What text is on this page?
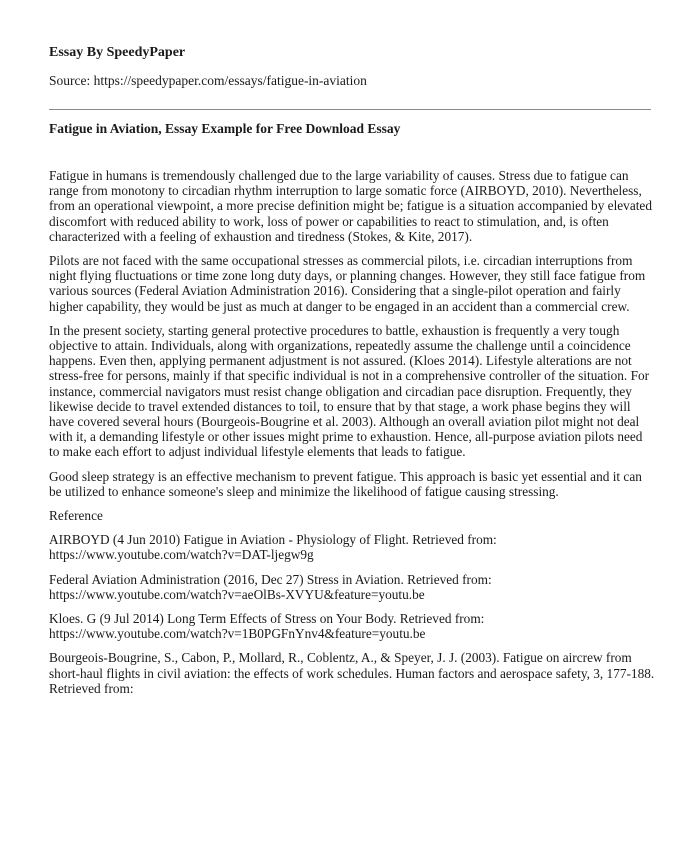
Essay By SpeedyPaper
Source: https://speedypaper.com/essays/fatigue-in-aviation
Fatigue in Aviation, Essay Example for Free Download Essay

Fatigue in humans is tremendously challenged due to the large variability of causes. Stress due to fatigue can range from monotony to circadian rhythm interruption to large somatic force (AIRBOYD, 2010). Nevertheless, from an operational viewpoint, a more precise definition might be; fatigue is a situation accompanied by elevated discomfort with reduced ability to work, loss of power or capabilities to react to stimulation, and, is often characterized with a feeling of exhaustion and tiredness (Stokes, & Kite, 2017).

Pilots are not faced with the same occupational stresses as commercial pilots, i.e. circadian interruptions from night flying fluctuations or time zone long duty days, or planning changes. However, they still face fatigue from various sources (Federal Aviation Administration 2016). Considering that a single-pilot operation and fairly higher capability, they would be just as much at danger to be engaged in an accident than a commercial crew.

In the present society, starting general protective procedures to battle, exhaustion is frequently a very tough objective to attain. Individuals, along with organizations, repeatedly assume the challenge until a coincidence happens. Even then, applying permanent adjustment is not assured. (Kloes 2014). Lifestyle alterations are not stress-free for persons, mainly if that specific individual is not in a comprehensive controller of the situation. For instance, commercial navigators must resist change obligation and circadian pace disruption. Frequently, they likewise decide to travel extended distances to toil, to ensure that by that stage, a work phase begins they will have covered several hours (Bourgeois-Bougrine et al. 2003). Although an overall aviation pilot might not deal with it, a demanding lifestyle or other issues might prime to exhaustion. Hence, all-purpose aviation pilots need to make each effort to adjust individual lifestyle elements that leads to fatigue.

Good sleep strategy is an effective mechanism to prevent fatigue. This approach is basic yet essential and it can be utilized to enhance someone's sleep and minimize the likelihood of fatigue causing stressing.

Reference

AIRBOYD (4 Jun 2010) Fatigue in Aviation - Physiology of Flight. Retrieved from:
https://www.youtube.com/watch?v=DAT-ljegw9g

Federal Aviation Administration (2016, Dec 27) Stress in Aviation. Retrieved from:
https://www.youtube.com/watch?v=aeOlBs-XVYU&feature=youtu.be

Kloes. G (9 Jul 2014) Long Term Effects of Stress on Your Body. Retrieved from:
https://www.youtube.com/watch?v=1B0PGFnYnv4&feature=youtu.be

Bourgeois-Bougrine, S., Cabon, P., Mollard, R., Coblentz, A., & Speyer, J. J. (2003). Fatigue on aircrew from short-haul flights in civil aviation: the effects of work schedules. Human factors and aerospace safety, 3, 177-188. Retrieved from:
